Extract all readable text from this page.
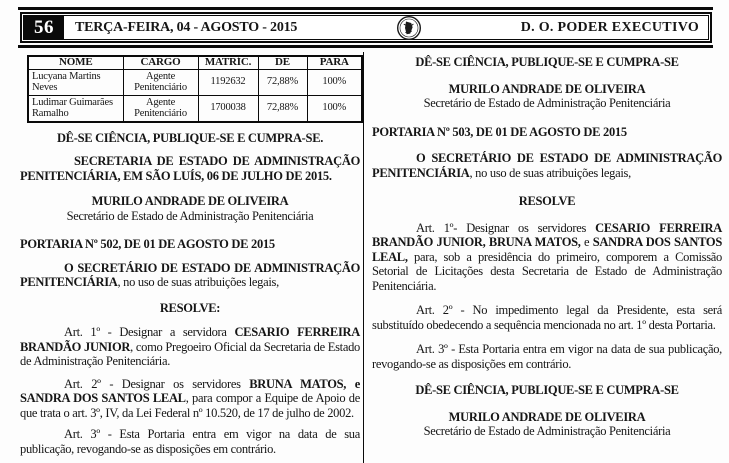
56	TERÇA-FEIRA, 04 - AGOSTO - 2015	D. O. PODER EXECUTIVO
NOME	CARGO	MATRÍC.	DE	PARA
Lucyana Martins Neves	Agente Penitenciário	1192632	72,88%	100%
Ludimar Guimarães Ramalho	Agente Penitenciário	1700038	72,88%	100%

DÊ-SE CIÊNCIA, PUBLIQUE-SE E CUMPRA-SE.

SECRETARIA DE ESTADO DE ADMINISTRAÇÃO PENITENCIÁRIA, EM SÃO LUÍS, 06 DE JULHO DE 2015.

MURILO ANDRADE DE OLIVEIRA

Secretário de Estado de Administração Penitenciária

PORTARIA Nº 502, DE 01 DE AGOSTO DE 2015

O SECRETÁRIO DE ESTADO DE ADMINISTRAÇÃO PENITENCIÁRIA, no uso de suas atribuições legais,

RESOLVE:

Art. 1º - Designar a servidora CESARIO FERREIRA BRANDÃO JUNIOR, como Pregoeiro Oficial da Secretaria de Estado de Administração Penitenciária.

Art. 2º - Designar os servidores BRUNA MATOS, e SANDRA DOS SANTOS LEAL, para compor a Equipe de Apoio de que trata o art. 3º, IV, da Lei Federal nº 10.520, de 17 de julho de 2002.

Art. 3º - Esta Portaria entra em vigor na data de sua publicação, revogando-se as disposições em contrário.

DÊ-SE CIÊNCIA, PUBLIQUE-SE E CUMPRA-SE

MURILO ANDRADE DE OLIVEIRA

Secretário de Estado de Administração Penitenciária

PORTARIA Nº 503, DE 01 DE AGOSTO DE 2015

O SECRETÁRIO DE ESTADO DE ADMINISTRAÇÃO PENITENCIÁRIA, no uso de suas atribuições legais,

RESOLVE

Art. 1º- Designar os servidores CESARIO FERREIRA BRANDÃO JUNIOR, BRUNA MATOS, e SANDRA DOS SANTOS LEAL, para, sob a presidência do primeiro, comporem a Comissão Setorial de Licitações desta Secretaria de Estado de Administração Penitenciária.

Art. 2º - No impedimento legal da Presidente, esta será substituído obedecendo a sequência mencionada no art. 1º desta Portaria.

Art. 3º - Esta Portaria entra em vigor na data de sua publicação, revogando-se as disposições em contrário.

DÊ-SE CIÊNCIA, PUBLIQUE-SE E CUMPRA-SE

MURILO ANDRADE DE OLIVEIRA

Secretário de Estado de Administração Penitenciária
